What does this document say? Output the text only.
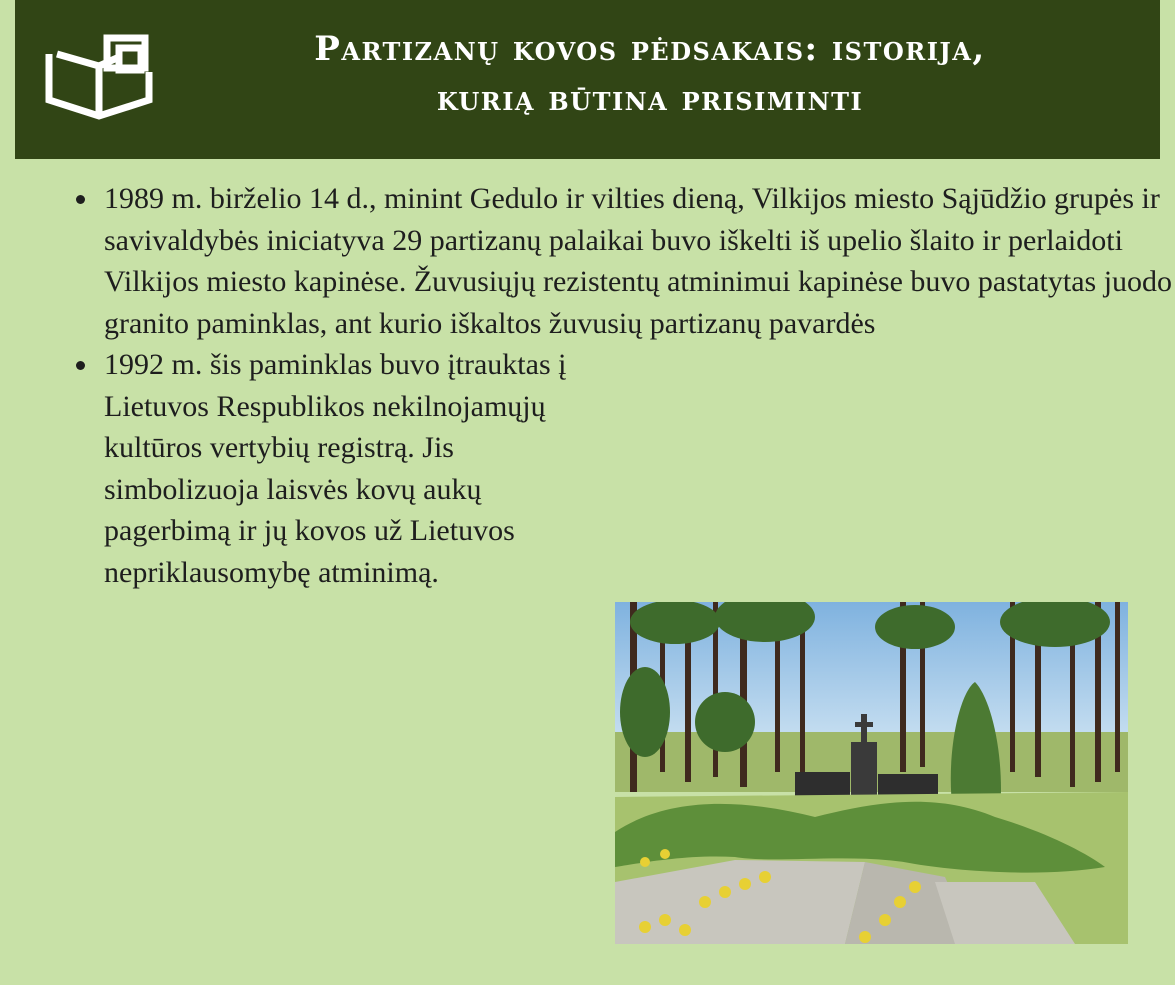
Partizanų kovos pėdsakais: istorija,
kurią būtina prisiminti
1989 m. birželio 14 d., minint Gedulo ir vilties dieną, Vilkijos miesto Sąjūdžio grupės ir savivaldybės iniciatyva 29 partizanų palaikai buvo iškelti iš upelio šlaito ir perlaidoti Vilkijos miesto kapinėse. Žuvusiųjų rezistentų atminimui kapinėse buvo pastatytas juodo granito paminklas, ant kurio iškaltos žuvusių partizanų pavardės
1992 m. šis paminklas buvo įtrauktas į Lietuvos Respublikos nekilnojamųjų kultūros vertybių registrą. Jis simbolizuoja laisvės kovų aukų pagerbimą ir jų kovos už Lietuvos nepriklausomybę atminimą.
